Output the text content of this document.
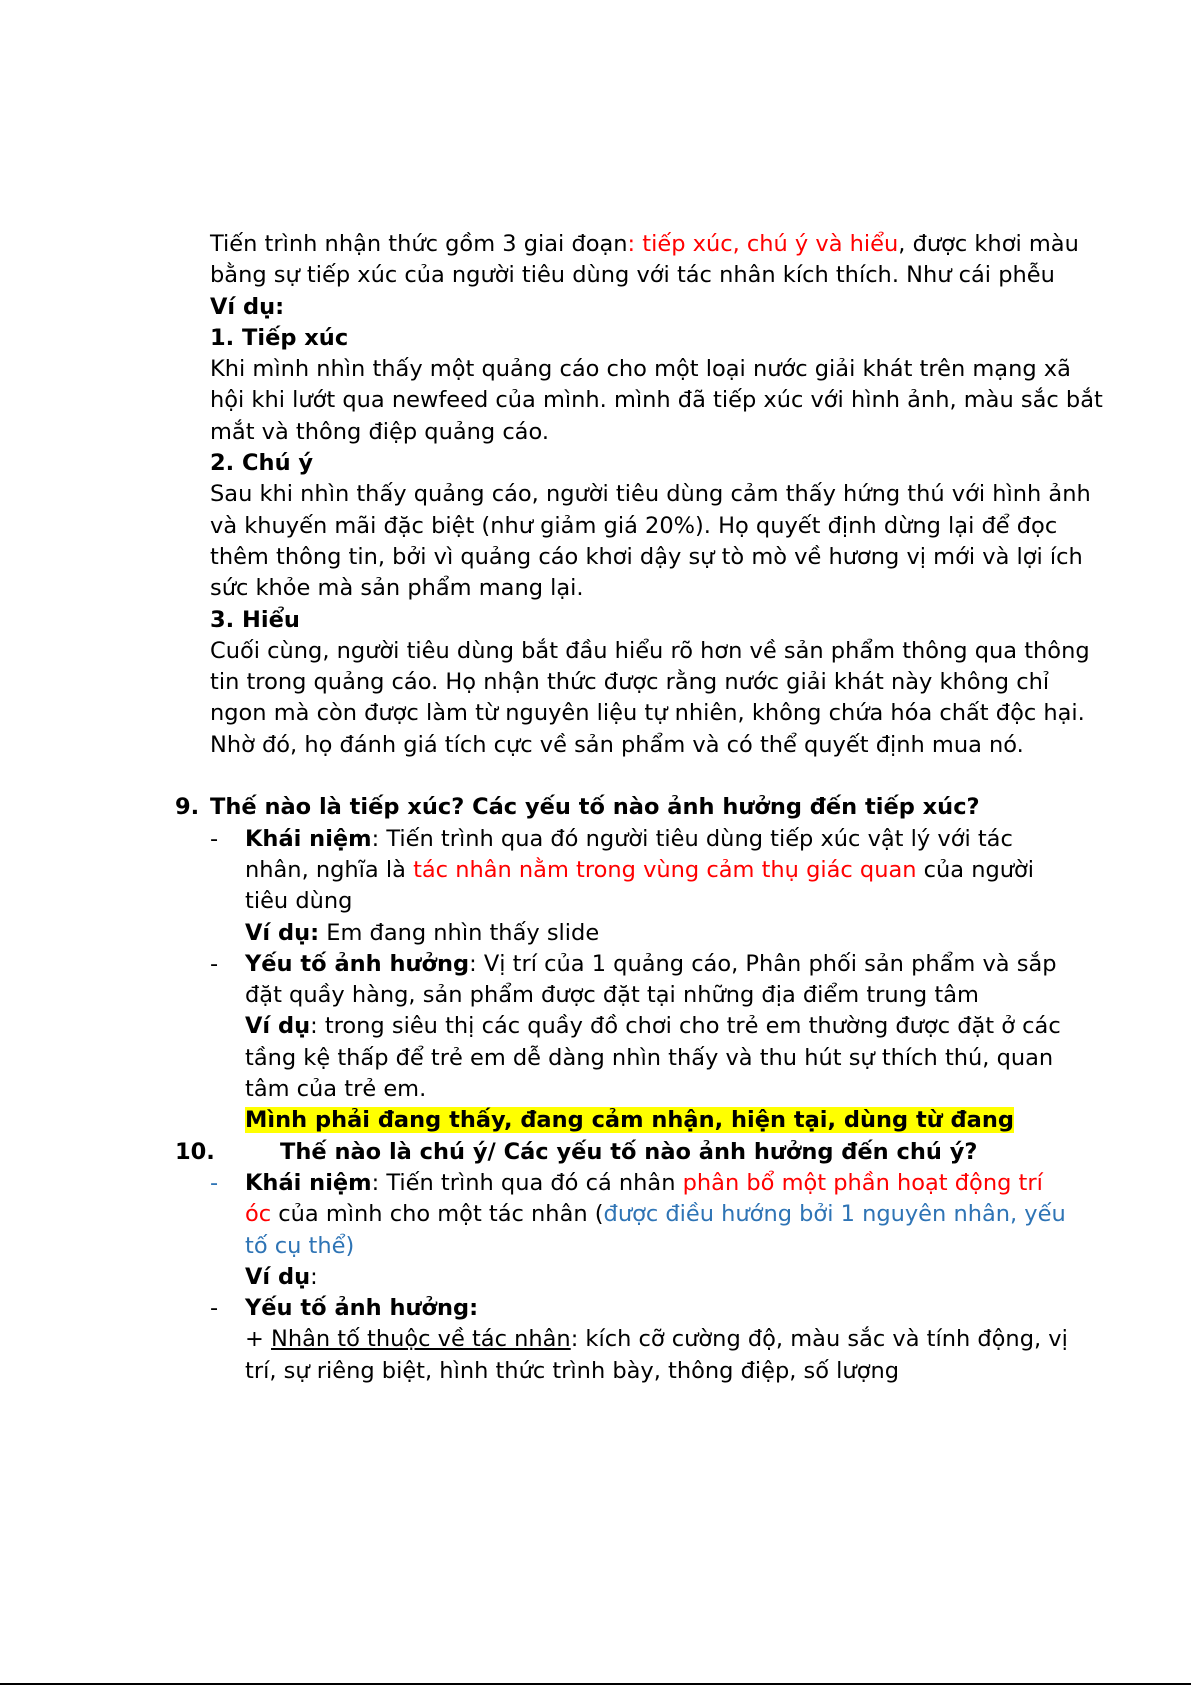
Tiến trình nhận thức gồm 3 giai đoạn: tiếp xúc, chú ý và hiểu, được khơi màu bằng sự tiếp xúc của người tiêu dùng với tác nhân kích thích. Như cái phễu
Ví dụ:
1. Tiếp xúc
Khi mình nhìn thấy một quảng cáo cho một loại nước giải khát trên mạng xã hội khi lướt qua newfeed của mình. mình đã tiếp xúc với hình ảnh, màu sắc bắt mắt và thông điệp quảng cáo.
2. Chú ý
Sau khi nhìn thấy quảng cáo, người tiêu dùng cảm thấy hứng thú với hình ảnh và khuyến mãi đặc biệt (như giảm giá 20%). Họ quyết định dừng lại để đọc thêm thông tin, bởi vì quảng cáo khơi dậy sự tò mò về hương vị mới và lợi ích sức khỏe mà sản phẩm mang lại.
3. Hiểu
Cuối cùng, người tiêu dùng bắt đầu hiểu rõ hơn về sản phẩm thông qua thông tin trong quảng cáo. Họ nhận thức được rằng nước giải khát này không chỉ ngon mà còn được làm từ nguyên liệu tự nhiên, không chứa hóa chất độc hại. Nhờ đó, họ đánh giá tích cực về sản phẩm và có thể quyết định mua nó.
9. Thế nào là tiếp xúc? Các yếu tố nào ảnh hưởng đến tiếp xúc?
- Khái niệm: Tiến trình qua đó người tiêu dùng tiếp xúc vật lý với tác nhân, nghĩa là tác nhân nằm trong vùng cảm thụ giác quan của người tiêu dùng
Ví dụ: Em đang nhìn thấy slide
- Yếu tố ảnh hưởng: Vị trí của 1 quảng cáo, Phân phối sản phẩm và sắp đặt quầy hàng, sản phẩm được đặt tại những địa điểm trung tâm
Ví dụ: trong siêu thị các quầy đồ chơi cho trẻ em thường được đặt ở các tầng kệ thấp để trẻ em dễ dàng nhìn thấy và thu hút sự thích thú, quan tâm của trẻ em.
Mình phải đang thấy, đang cảm nhận, hiện tại, dùng từ đang
10.	Thế nào là chú ý/ Các yếu tố nào ảnh hưởng đến chú ý?
- Khái niệm: Tiến trình qua đó cá nhân phân bổ một phần hoạt động trí óc của mình cho một tác nhân (được điều hướng bởi 1 nguyên nhân, yếu tố cụ thể)
Ví dụ:
- Yếu tố ảnh hưởng:
+ Nhân tố thuộc về tác nhân: kích cỡ cường độ, màu sắc và tính động, vị trí, sự riêng biệt, hình thức trình bày, thông điệp, số lượng
